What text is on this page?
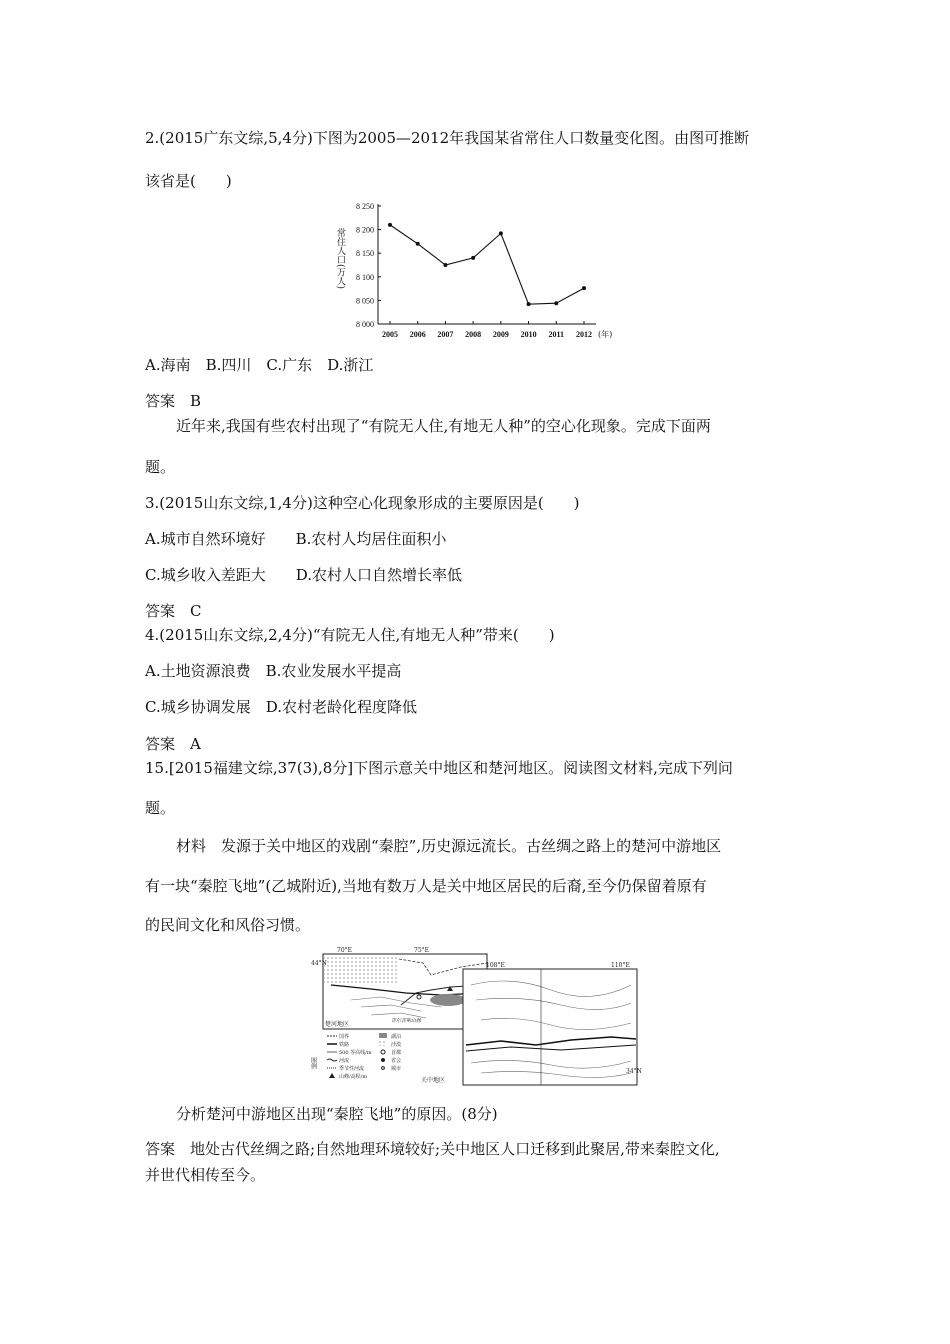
2.(2015广东文综,5,4分)下图为2005—2012年我国某省常住人口数量变化图。由图可推断
该省是(　　)
8 000
8 050
8 100
8 150
8 200
8 250
常住人口(万人)
2005 2006 2007 2008 2009 2010 2011 2012 (年)
A.海南　B.四川　C.广东　D.浙江
答案　B
近年来,我国有些农村出现了“有院无人住,有地无人种”的空心化现象。完成下面两
题。
3.(2015山东文综,1,4分)这种空心化现象形成的主要原因是(　　)
A.城市自然环境好　　B.农村人均居住面积小
C.城乡收入差距大　　D.农村人口自然增长率低
答案　C
4.(2015山东文综,2,4分)“有院无人住,有地无人种”带来(　　)
A.土地资源浪费　B.农业发展水平提高
C.城乡协调发展　D.农村老龄化程度降低
答案　A
15.[2015福建文综,37(3),8分]下图示意关中地区和楚河地区。阅读图文材料,完成下列问
题。
材料　发源于关中地区的戏剧“秦腔”,历史源远流长。古丝绸之路上的楚河中游地区
有一块“秦腔飞地”(乙城附近),当地有数万人是关中地区居民的后裔,至今仍保留着原有
的民间文化和风俗习惯。
70°E	75°E
44°N
楚河地区	吉尔吉斯山脉
108°E	110°E
34°N
关中地区
图例
国界
铁路
500 等高线/m
河流
季节性河流
山峰/高程/m
湖泊
沙漠
首都
省会
城市
分析楚河中游地区出现“秦腔飞地”的原因。(8分)
答案　地处古代丝绸之路;自然地理环境较好;关中地区人口迁移到此聚居,带来秦腔文化,
并世代相传至今。
